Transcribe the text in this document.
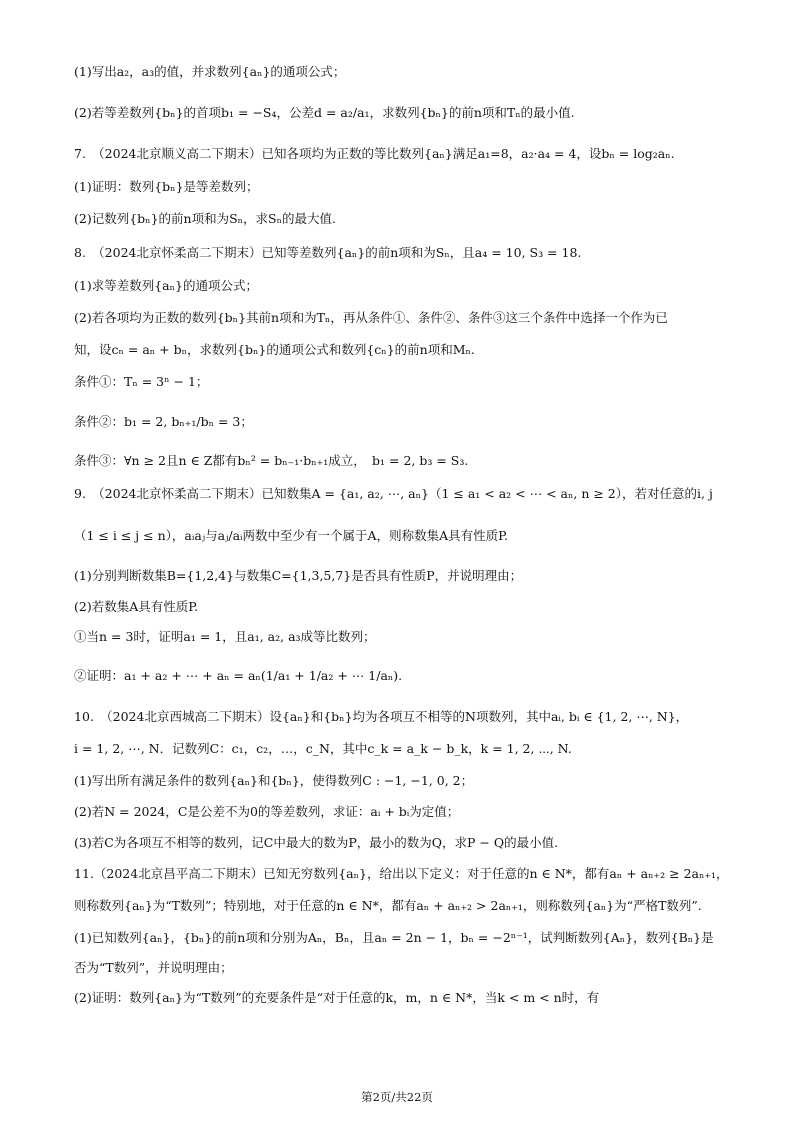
(1)写出a₂，a₃的值，并求数列{aₙ}的通项公式；
(2)若等差数列{bₙ}的首项b₁ = −S₄，公差d = a₂/a₁，求数列{bₙ}的前n项和Tₙ的最小值.
7.　（2024北京顺义高二下期末）已知各项均为正数的等比数列{aₙ}满足a₁=8，a₂·a₄ = 4，设bₙ = log₂aₙ.
(1)证明：数列{bₙ}是等差数列；
(2)记数列{bₙ}的前n项和为Sₙ，求Sₙ的最大值.
8.　（2024北京怀柔高二下期末）已知等差数列{aₙ}的前n项和为Sₙ，且a₄ = 10, S₃ = 18.
(1)求等差数列{aₙ}的通项公式；
(2)若各项均为正数的数列{bₙ}其前n项和为Tₙ，再从条件①、条件②、条件③这三个条件中选择一个作为已
知，设cₙ = aₙ + bₙ，求数列{bₙ}的通项公式和数列{cₙ}的前n项和Mₙ.
条件①：Tₙ = 3ⁿ − 1；
条件②：b₁ = 2, bₙ₊₁/bₙ = 3；
条件③：∀n ≥ 2且n ∈ Z都有bₙ² = bₙ₋₁·bₙ₊₁成立，　b₁ = 2, b₃ = S₃.
9.　（2024北京怀柔高二下期末）已知数集A = {a₁, a₂, ⋯, aₙ}（1 ≤ a₁ < a₂ < ⋯ < aₙ, n ≥ 2），若对任意的i, j
（1 ≤ i ≤ j ≤ n），aᵢaⱼ与aⱼ/aᵢ两数中至少有一个属于A，则称数集A具有性质P.
(1)分别判断数集B={1,2,4}与数集C={1,3,5,7}是否具有性质P，并说明理由；
(2)若数集A具有性质P.
①当n = 3时，证明a₁ = 1，且a₁, a₂, a₃成等比数列；
②证明：a₁ + a₂ + ⋯ + aₙ = aₙ(1/a₁ + 1/a₂ + ⋯ 1/aₙ).
10.　（2024北京西城高二下期末）设{aₙ}和{bₙ}均为各项互不相等的N项数列，其中aᵢ, bᵢ ∈ {1, 2, ⋯, N}，
i = 1, 2, ⋯, N．记数列C：c₁，c₂，…，c_N，其中c_k = a_k − b_k，k = 1, 2, ⋯, N.
(1)写出所有满足条件的数列{aₙ}和{bₙ}，使得数列C : −1, −1, 0, 2；
(2)若N = 2024，C是公差不为0的等差数列，求证：aᵢ + bᵢ为定值；
(3)若C为各项互不相等的数列，记C中最大的数为P，最小的数为Q，求P − Q的最小值.
11.（2024北京昌平高二下期末）已知无穷数列{aₙ}，给出以下定义：对于任意的n ∈ N*，都有aₙ + aₙ₊₂ ≥ 2aₙ₊₁，
则称数列{aₙ}为“T数列”；特别地，对于任意的n ∈ N*，都有aₙ + aₙ₊₂ > 2aₙ₊₁，则称数列{aₙ}为“严格T数列”.
(1)已知数列{aₙ}，{bₙ}的前n项和分别为Aₙ，Bₙ，且aₙ = 2n − 1，bₙ = −2ⁿ⁻¹，试判断数列{Aₙ}，数列{Bₙ}是
否为“T数列”，并说明理由；
(2)证明：数列{aₙ}为“T数列”的充要条件是“对于任意的k，m，n ∈ N*，当k < m < n时，有
第2页/共22页
